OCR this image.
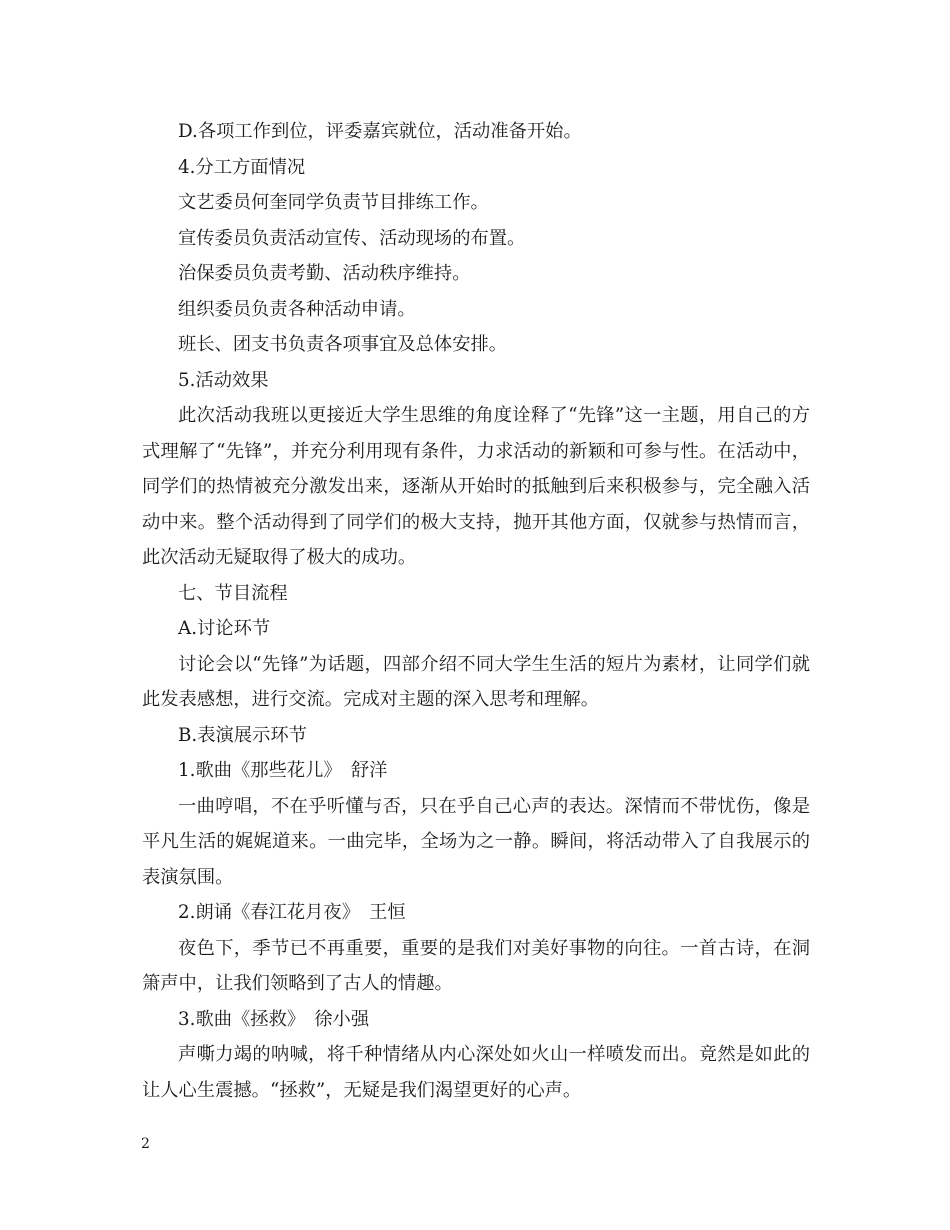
D.各项工作到位，评委嘉宾就位，活动准备开始。

4.分工方面情况

文艺委员何奎同学负责节目排练工作。

宣传委员负责活动宣传、活动现场的布置。

治保委员负责考勤、活动秩序维持。

组织委员负责各种活动申请。

班长、团支书负责各项事宜及总体安排。

5.活动效果

此次活动我班以更接近大学生思维的角度诠释了“先锋”这一主题，用自己的方式理解了“先锋”，并充分利用现有条件，力求活动的新颖和可参与性。在活动中，同学们的热情被充分激发出来，逐渐从开始时的抵触到后来积极参与，完全融入活动中来。整个活动得到了同学们的极大支持，抛开其他方面，仅就参与热情而言，此次活动无疑取得了极大的成功。

七、节目流程

A.讨论环节

讨论会以“先锋”为话题，四部介绍不同大学生生活的短片为素材，让同学们就此发表感想，进行交流。完成对主题的深入思考和理解。

B.表演展示环节

1.歌曲《那些花儿》　舒洋

一曲哼唱，不在乎听懂与否，只在乎自己心声的表达。深情而不带忧伤，像是平凡生活的娓娓道来。一曲完毕，全场为之一静。瞬间，将活动带入了自我展示的表演氛围。

2.朗诵《春江花月夜》　王恒

夜色下，季节已不再重要，重要的是我们对美好事物的向往。一首古诗，在洞箫声中，让我们领略到了古人的情趣。

3.歌曲《拯救》　徐小强

声嘶力竭的呐喊，将千种情绪从内心深处如火山一样喷发而出。竟然是如此的让人心生震撼。“拯救”，无疑是我们渴望更好的心声。

2
